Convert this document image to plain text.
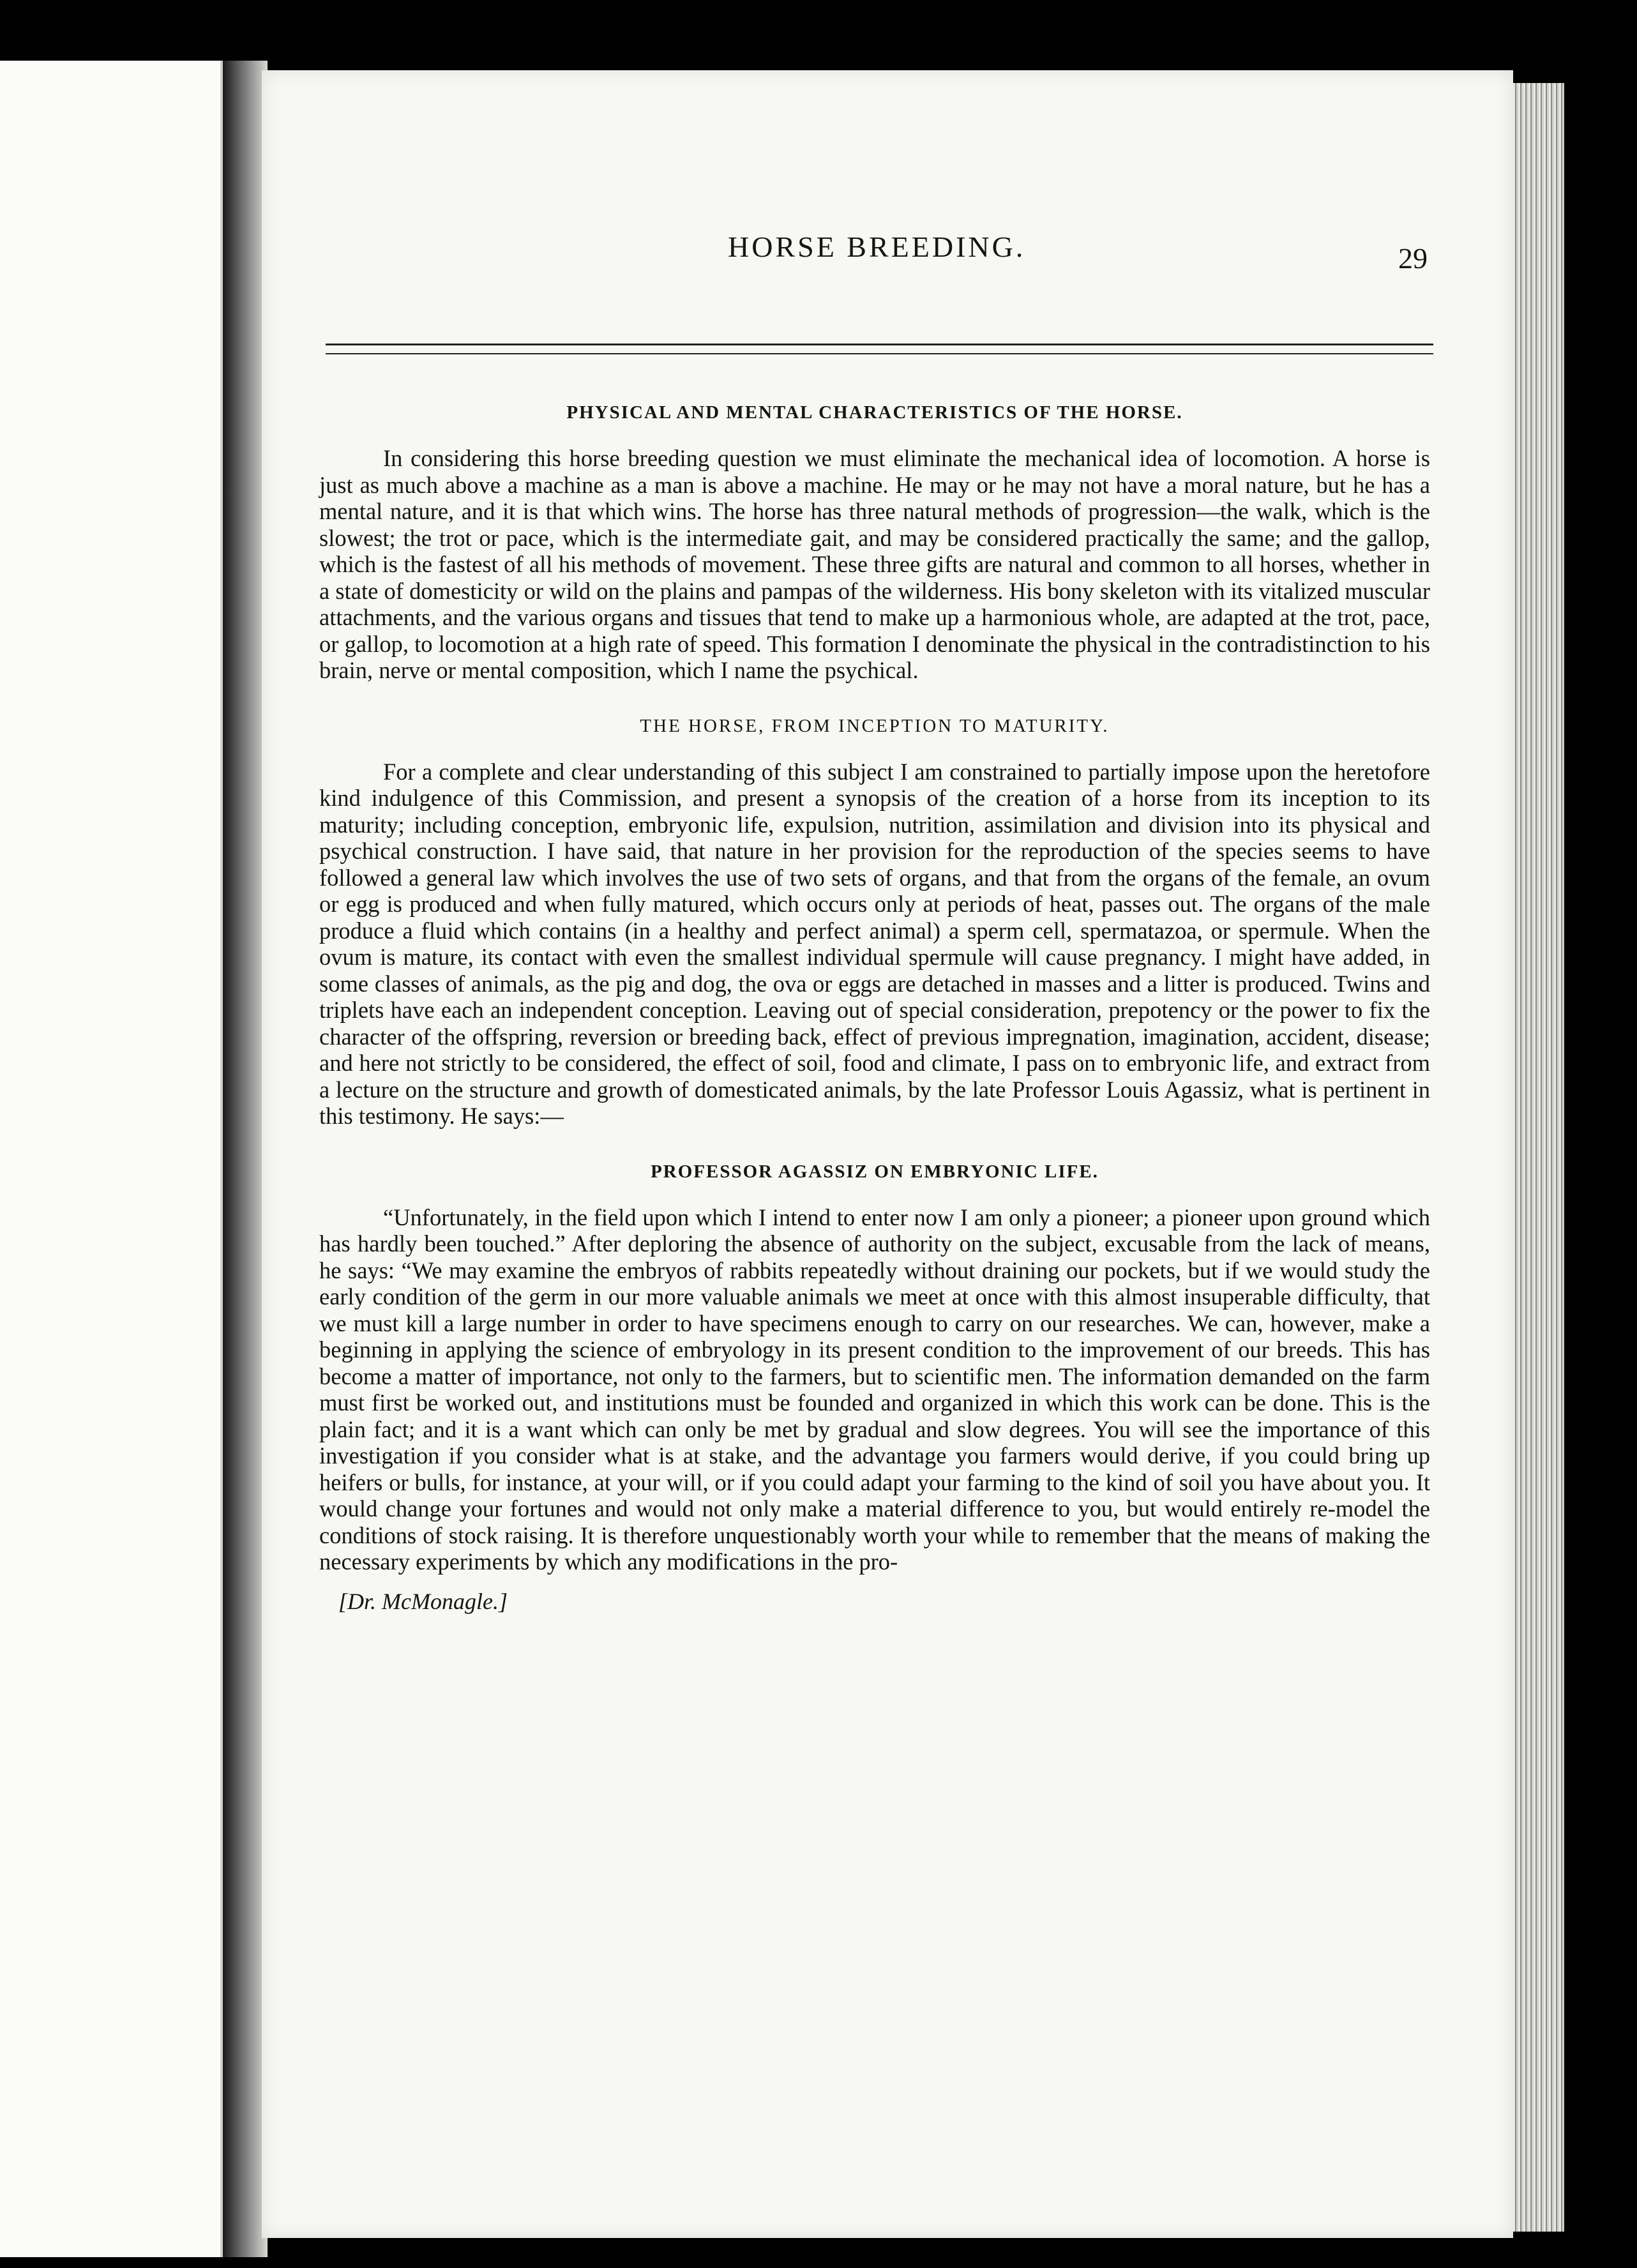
HORSE BREEDING.	29
PHYSICAL AND MENTAL CHARACTERISTICS OF THE HORSE.

In considering this horse breeding question we must eliminate the mechanical idea of locomotion. A horse is just as much above a machine as a man is above a machine. He may or he may not have a moral nature, but he has a mental nature, and it is that which wins. The horse has three natural methods of progression—the walk, which is the slowest; the trot or pace, which is the intermediate gait, and may be considered practically the same; and the gallop, which is the fastest of all his methods of movement. These three gifts are natural and common to all horses, whether in a state of domesticity or wild on the plains and pampas of the wilderness. His bony skeleton with its vitalized muscular attachments, and the various organs and tissues that tend to make up a harmonious whole, are adapted at the trot, pace, or gallop, to locomotion at a high rate of speed. This formation I denominate the physical in the contradistinction to his brain, nerve or mental composition, which I name the psychical.

THE HORSE, FROM INCEPTION TO MATURITY.

For a complete and clear understanding of this subject I am constrained to partially impose upon the heretofore kind indulgence of this Commission, and present a synopsis of the creation of a horse from its inception to its maturity; including conception, embryonic life, expulsion, nutrition, assimilation and division into its physical and psychical construction. I have said, that nature in her provision for the reproduction of the species seems to have followed a general law which involves the use of two sets of organs, and that from the organs of the female, an ovum or egg is produced and when fully matured, which occurs only at periods of heat, passes out. The organs of the male produce a fluid which contains (in a healthy and perfect animal) a sperm cell, spermatazoa, or spermule. When the ovum is mature, its contact with even the smallest individual spermule will cause pregnancy. I might have added, in some classes of animals, as the pig and dog, the ova or eggs are detached in masses and a litter is produced. Twins and triplets have each an independent conception. Leaving out of special consideration, prepotency or the power to fix the character of the offspring, reversion or breeding back, effect of previous impregnation, imagination, accident, disease; and here not strictly to be considered, the effect of soil, food and climate, I pass on to embryonic life, and extract from a lecture on the structure and growth of domesticated animals, by the late Professor Louis Agassiz, what is pertinent in this testimony. He says:—

PROFESSOR AGASSIZ ON EMBRYONIC LIFE.

“Unfortunately, in the field upon which I intend to enter now I am only a pioneer; a pioneer upon ground which has hardly been touched.” After deploring the absence of authority on the subject, excusable from the lack of means, he says: “We may examine the embryos of rabbits repeatedly without draining our pockets, but if we would study the early condition of the germ in our more valuable animals we meet at once with this almost insuperable difficulty, that we must kill a large number in order to have specimens enough to carry on our researches. We can, however, make a beginning in applying the science of embryology in its present condition to the improvement of our breeds. This has become a matter of importance, not only to the farmers, but to scientific men. The information demanded on the farm must first be worked out, and institutions must be founded and organized in which this work can be done. This is the plain fact; and it is a want which can only be met by gradual and slow degrees. You will see the importance of this investigation if you consider what is at stake, and the advantage you farmers would derive, if you could bring up heifers or bulls, for instance, at your will, or if you could adapt your farming to the kind of soil you have about you. It would change your fortunes and would not only make a material difference to you, but would entirely re-model the conditions of stock raising. It is therefore unquestionably worth your while to remember that the means of making the necessary experiments by which any modifications in the pro-

[Dr. McMonagle.]
